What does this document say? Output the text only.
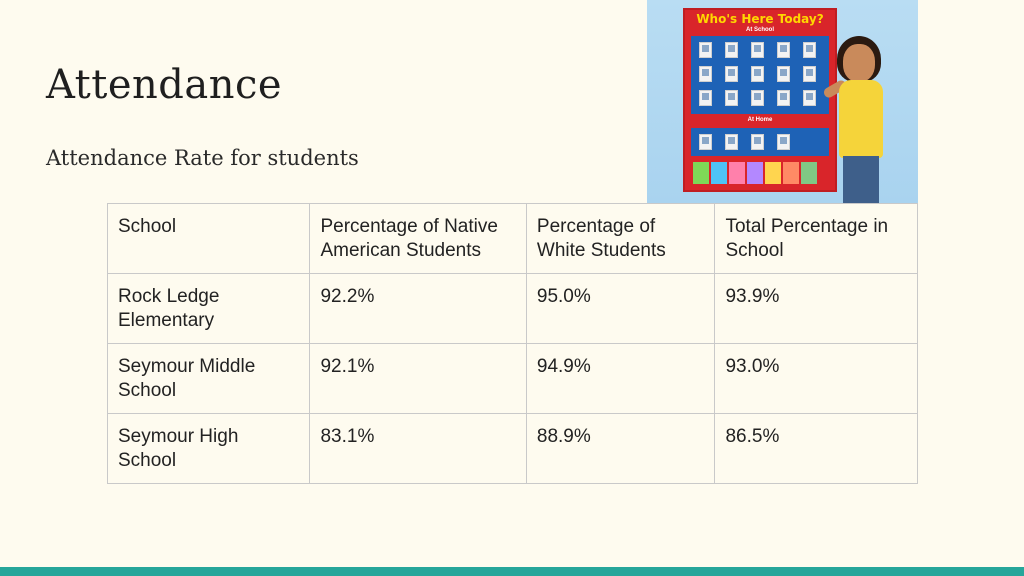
Attendance
Attendance Rate for students
Who's Here Today?
At School
At Home
School	Percentage of Native American Students	Percentage of White Students	Total Percentage in School
Rock Ledge Elementary	92.2%	95.0%	93.9%
Seymour Middle School	92.1%	94.9%	93.0%
Seymour High School	83.1%	88.9%	86.5%
